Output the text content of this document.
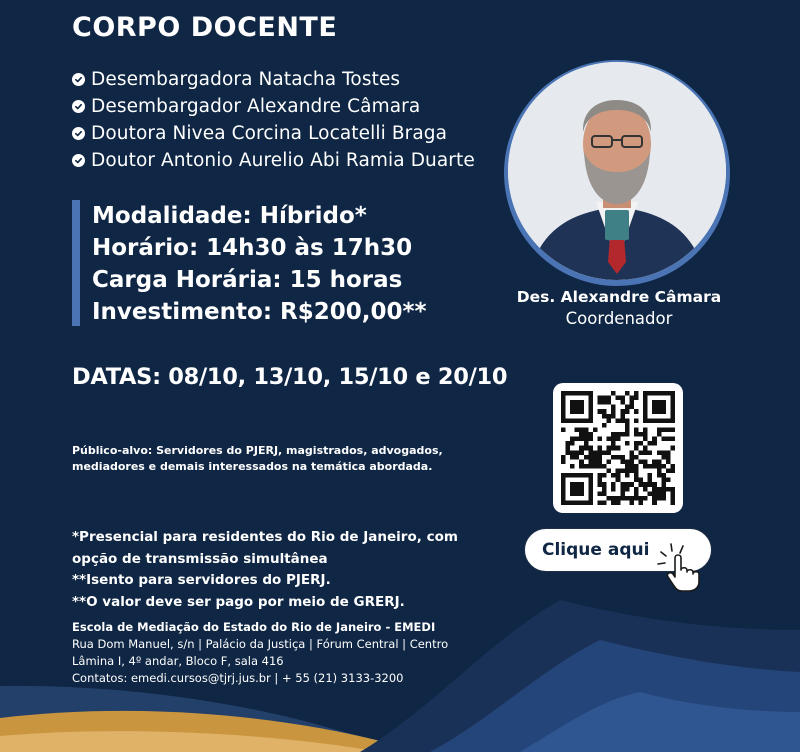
CORPO DOCENTE
Desembargadora Natacha Tostes
Desembargador Alexandre Câmara
Doutora Nivea Corcina Locatelli Braga
Doutor Antonio Aurelio Abi Ramia Duarte
Modalidade: Híbrido*
Horário: 14h30 às 17h30
Carga Horária: 15 horas
Investimento: R$200,00**
Des. Alexandre Câmara
Coordenador
DATAS: 08/10, 13/10, 15/10 e 20/10
Público-alvo: Servidores do PJERJ, magistrados, advogados, mediadores e demais interessados na temática abordada.
*Presencial para residentes do Rio de Janeiro, com
opção de transmissão simultânea
**Isento para servidores do PJERJ.
**O valor deve ser pago por meio de GRERJ.
Clique aqui
Escola de Mediação do Estado do Rio de Janeiro - EMEDI
Rua Dom Manuel, s/n | Palácio da Justiça | Fórum Central | Centro
Lâmina I, 4º andar, Bloco F, sala 416
Contatos: emedi.cursos@tjrj.jus.br | + 55 (21) 3133-3200
